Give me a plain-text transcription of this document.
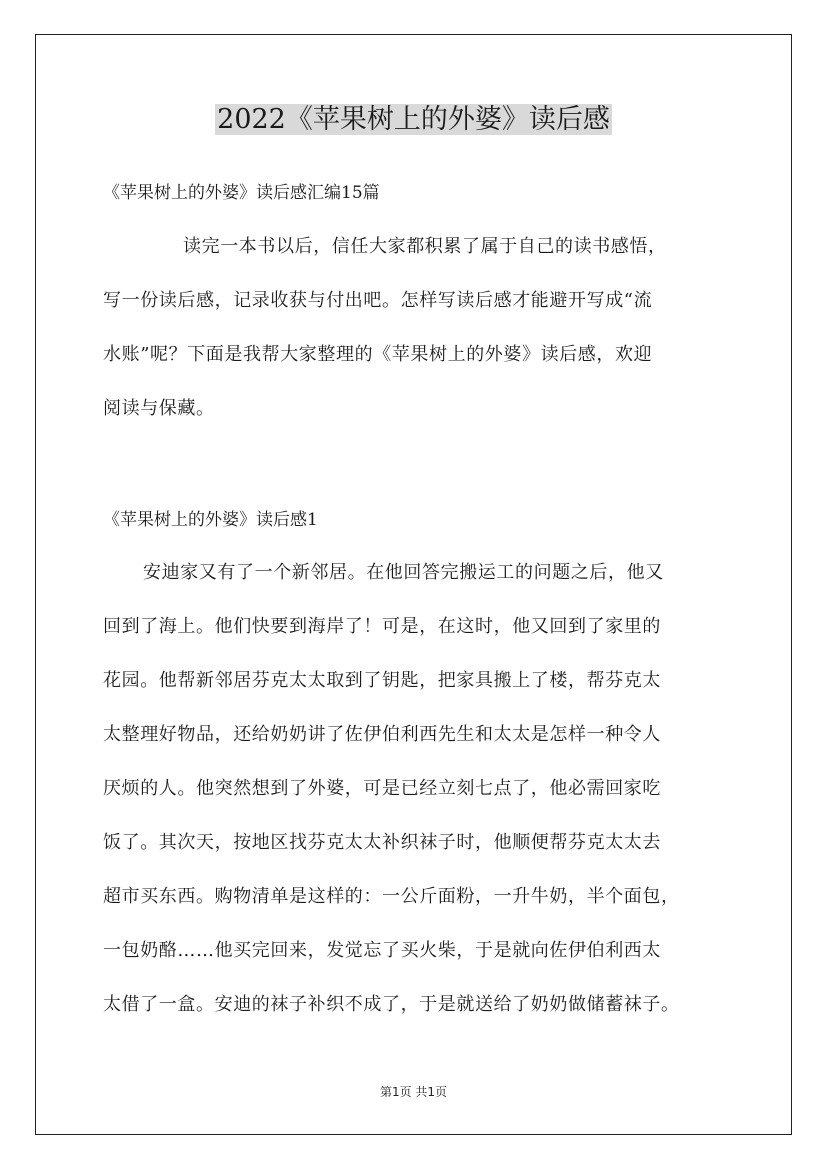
2022《苹果树上的外婆》读后感
《苹果树上的外婆》读后感汇编15篇
读完一本书以后，信任大家都积累了属于自己的读书感悟，
写一份读后感，记录收获与付出吧。怎样写读后感才能避开写成“流
水账”呢？下面是我帮大家整理的《苹果树上的外婆》读后感，欢迎
阅读与保藏。
《苹果树上的外婆》读后感1
安迪家又有了一个新邻居。在他回答完搬运工的问题之后，他又
回到了海上。他们快要到海岸了！可是，在这时，他又回到了家里的
花园。他帮新邻居芬克太太取到了钥匙，把家具搬上了楼，帮芬克太
太整理好物品，还给奶奶讲了佐伊伯利西先生和太太是怎样一种令人
厌烦的人。他突然想到了外婆，可是已经立刻七点了，他必需回家吃
饭了。其次天，按地区找芬克太太补织袜子时，他顺便帮芬克太太去
超市买东西。购物清单是这样的：一公斤面粉，一升牛奶，半个面包，
一包奶酪……他买完回来，发觉忘了买火柴，于是就向佐伊伯利西太
太借了一盒。安迪的袜子补织不成了，于是就送给了奶奶做储蓄袜子。
第1页 共1页
